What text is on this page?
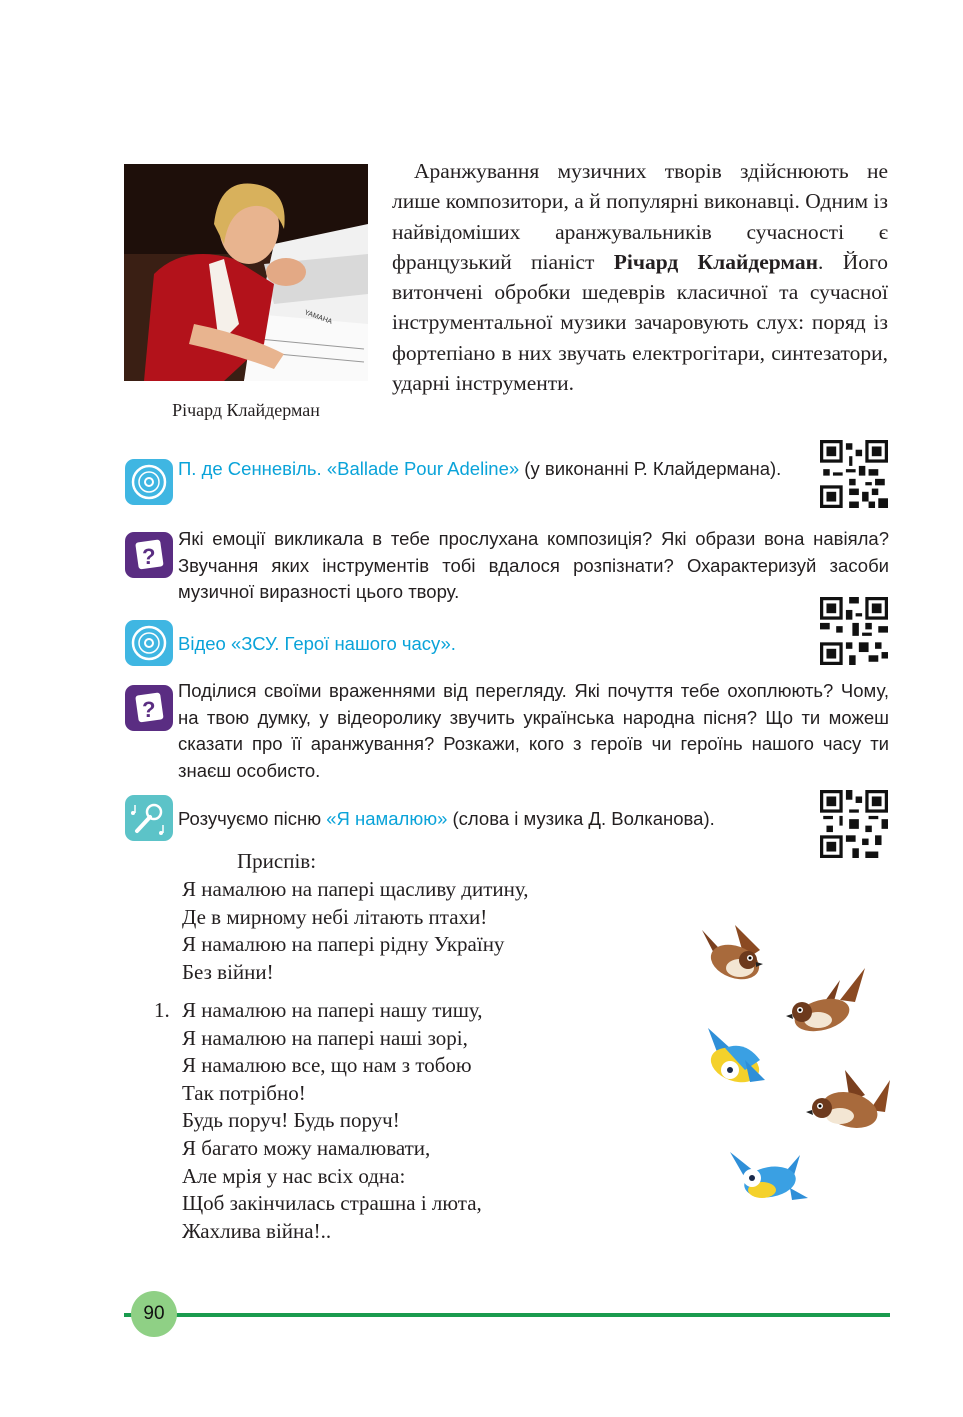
YAMAHA
Річард Клайдерман

Аранжування музичних творів здійснюють не лише композитори, а й популярні виконавці. Одним із найвідоміших аранжувальників сучасності є французький піаніст Річард Клайдерман. Його витончені обробки шедеврів класичної та сучасної інструментальної музики зачаровують слух: поряд із фортепіано в них звучать електрогітари, синтезатори, ударні інструменти.

П. де Сенневіль. «Ballade Pour Adeline» (у виконанні Р. Клайдермана).
?
Які емоції викликала в тебе прослухана композиція? Які образи вона навіяла? Звучання яких інструментів тобі вдалося розпізнати? Охарактеризуй засоби музичної виразності цього твору.
Відео «ЗСУ. Герої нашого часу».
?
Поділися своїми враженнями від перегляду. Які почуття тебе охоплюють? Чому, на твою думку, у відеоролику звучить українська народна пісня? Що ти можеш сказати про її аранжування? Розкажи, кого з героїв чи героїнь нашого часу ти знаєш особисто.
Розучуємо пісню «Я намалюю» (слова і музика Д. Волканова).
Приспів:
Я намалюю на папері щасливу дитину,
Де в мирному небі літають птахи!
Я намалюю на папері рідну Україну
Без війни!
1. Я намалюю на папері нашу тишу,
Я намалюю на папері наші зорі,
Я намалюю все, що нам з тобою
Так потрібно!
Будь поруч! Будь поруч!
Я багато можу намалювати,
Але мрія у нас всіх одна:
Щоб закінчилась страшна і люта,
Жахлива війна!..
90
